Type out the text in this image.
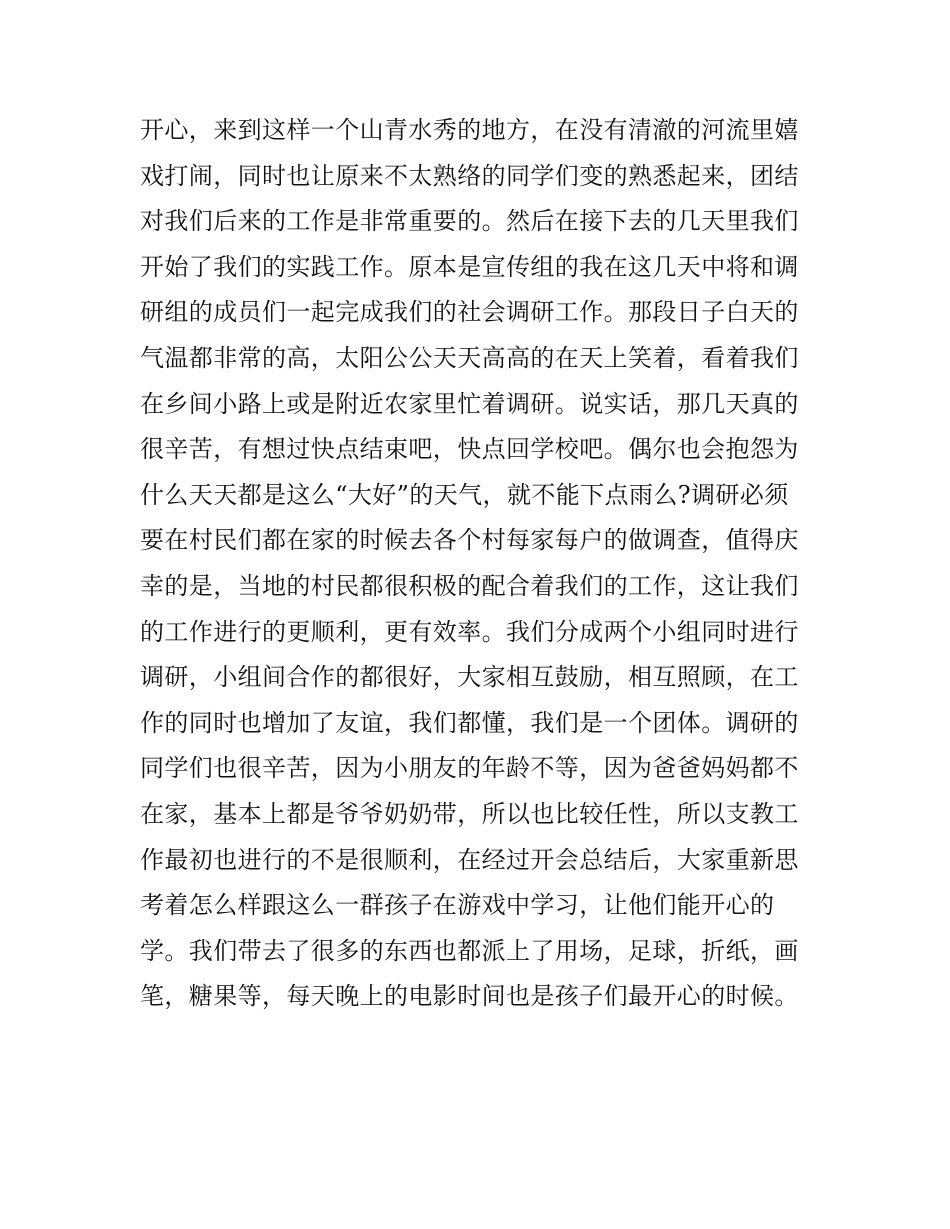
开心，来到这样一个山青水秀的地方，在没有清澈的河流里嬉
戏打闹，同时也让原来不太熟络的同学们变的熟悉起来，团结
对我们后来的工作是非常重要的。然后在接下去的几天里我们
开始了我们的实践工作。原本是宣传组的我在这几天中将和调
研组的成员们一起完成我们的社会调研工作。那段日子白天的
气温都非常的高，太阳公公天天高高的在天上笑着，看着我们
在乡间小路上或是附近农家里忙着调研。说实话，那几天真的
很辛苦，有想过快点结束吧，快点回学校吧。偶尔也会抱怨为
什么天天都是这么“大好”的天气，就不能下点雨么?调研必须
要在村民们都在家的时候去各个村每家每户的做调查，值得庆
幸的是，当地的村民都很积极的配合着我们的工作，这让我们
的工作进行的更顺利，更有效率。我们分成两个小组同时进行
调研，小组间合作的都很好，大家相互鼓励，相互照顾，在工
作的同时也增加了友谊，我们都懂，我们是一个团体。调研的
同学们也很辛苦，因为小朋友的年龄不等，因为爸爸妈妈都不
在家，基本上都是爷爷奶奶带，所以也比较任性，所以支教工
作最初也进行的不是很顺利，在经过开会总结后，大家重新思
考着怎么样跟这么一群孩子在游戏中学习，让他们能开心的
学。我们带去了很多的东西也都派上了用场，足球，折纸，画
笔，糖果等，每天晚上的电影时间也是孩子们最开心的时候。
